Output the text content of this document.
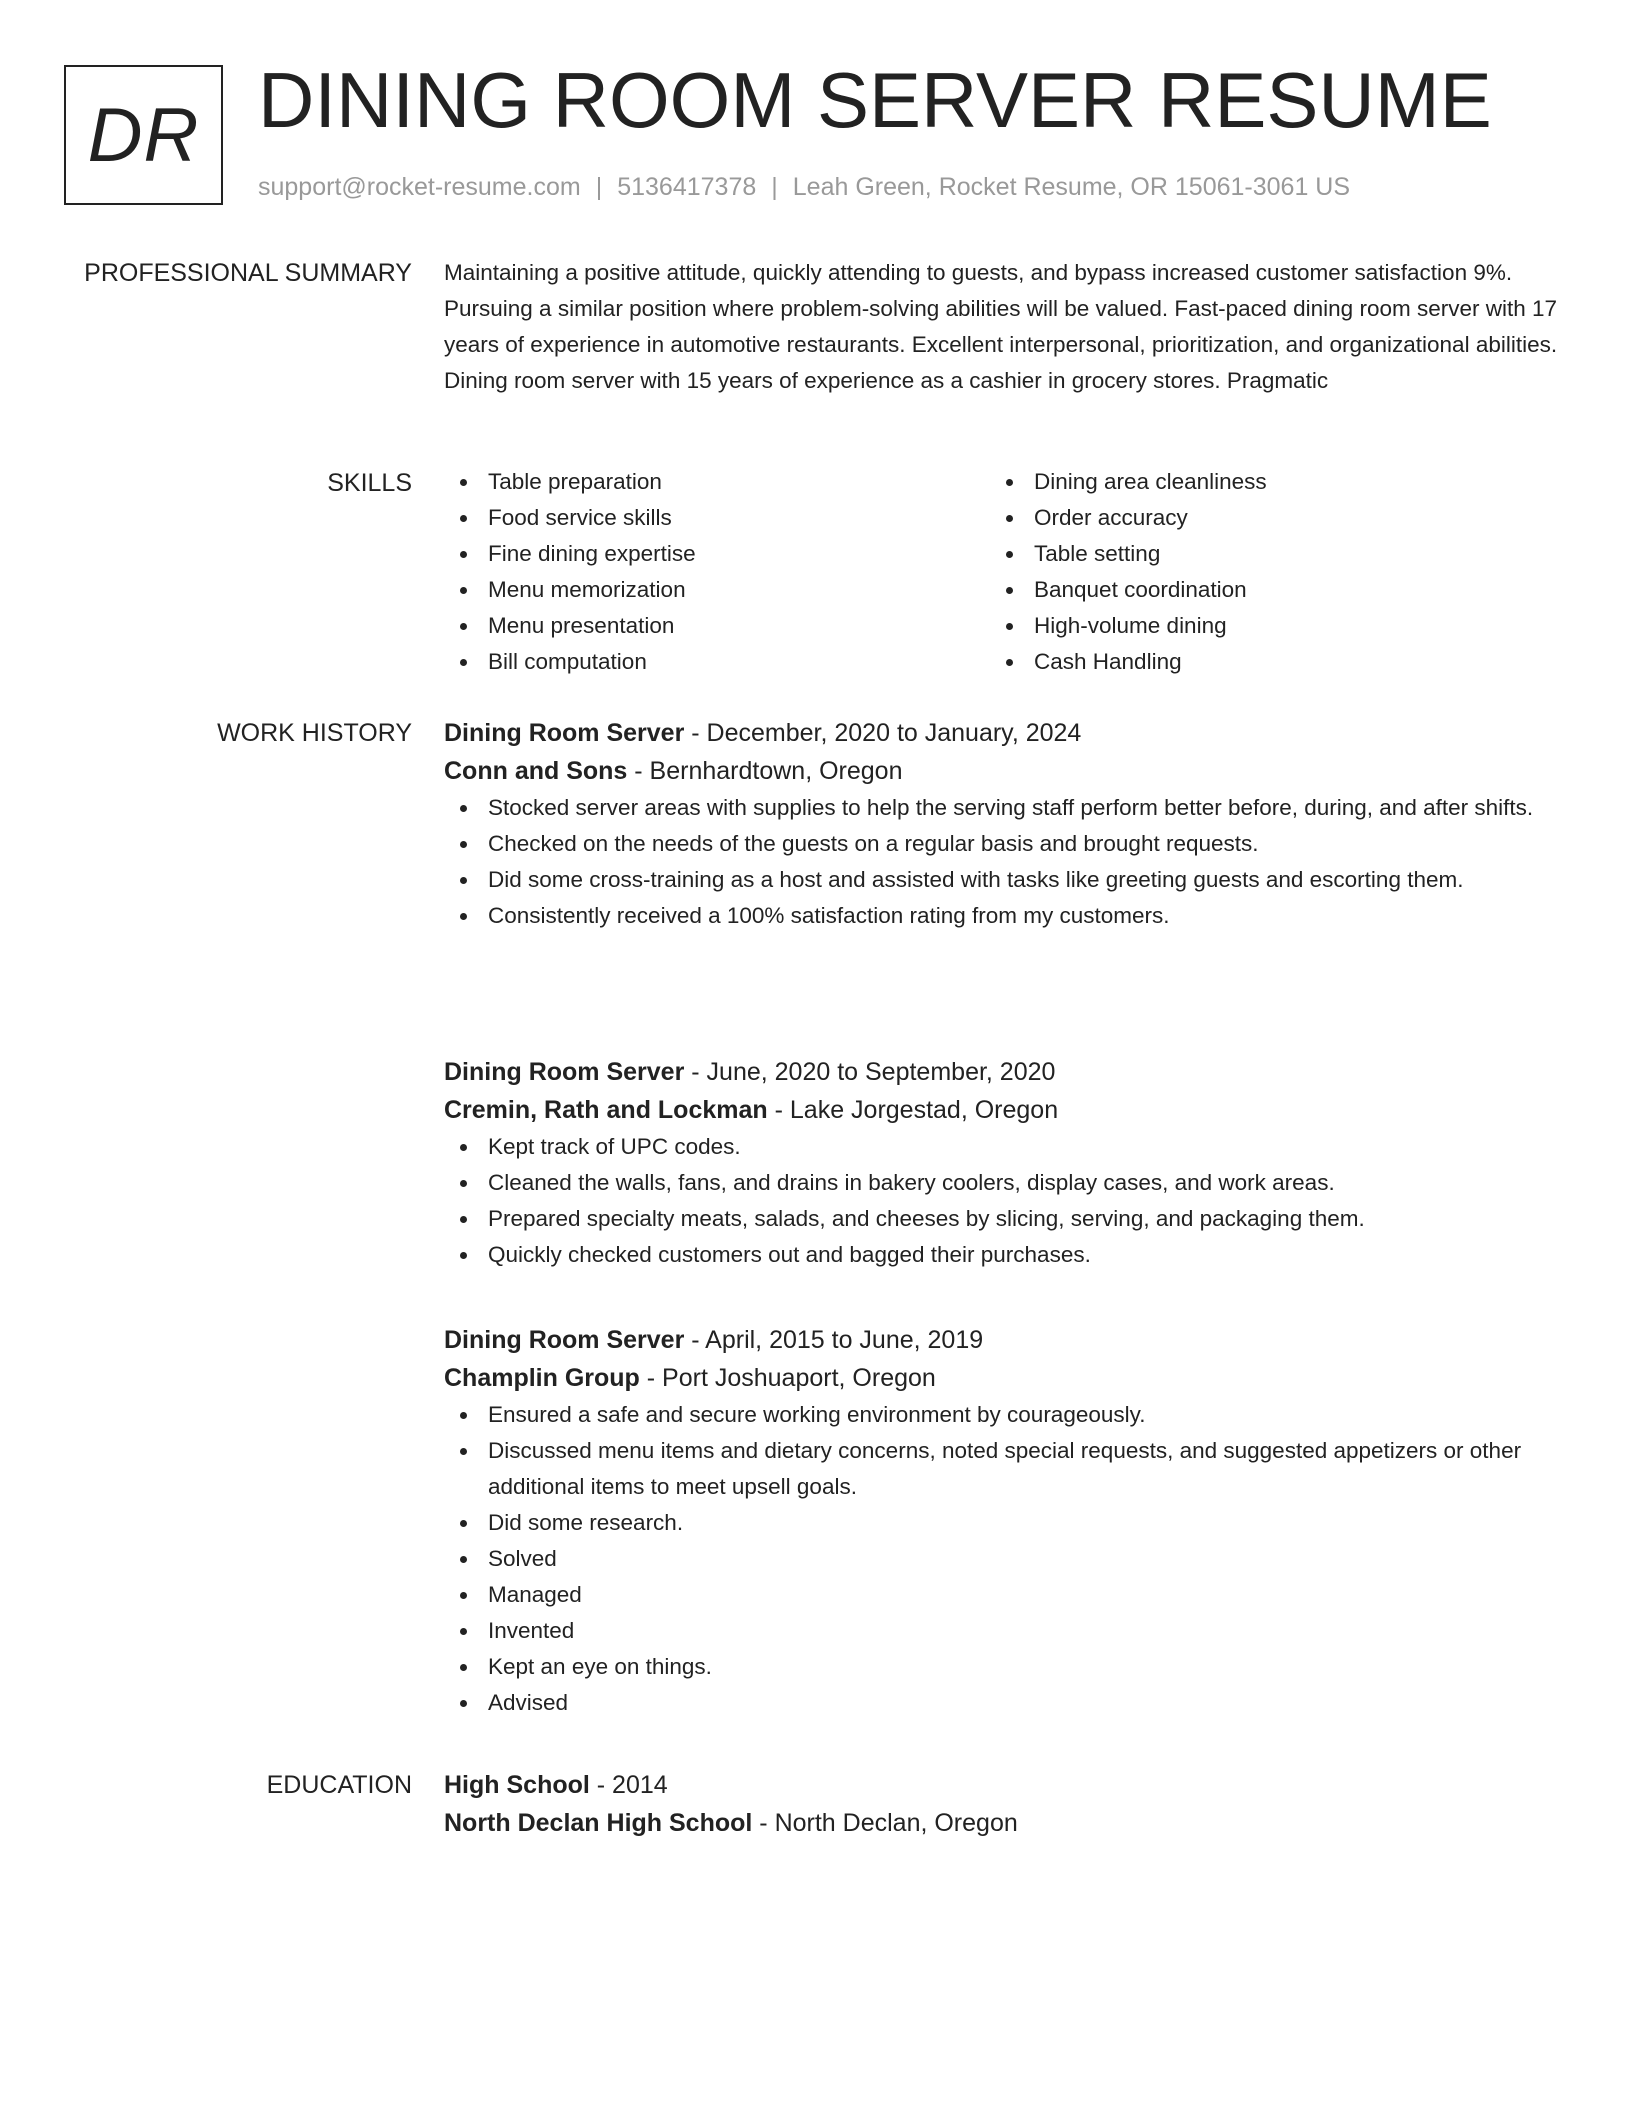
DR DINING ROOM SERVER RESUME
support@rocket-resume.com | 5136417378 | Leah Green, Rocket Resume, OR 15061-3061 US
PROFESSIONAL SUMMARY Maintaining a positive attitude, quickly attending to guests, and bypass increased customer satisfaction 9%. Pursuing a similar position where problem-solving abilities will be valued. Fast-paced dining room server with 17 years of experience in automotive restaurants. Excellent interpersonal, prioritization, and organizational abilities. Dining room server with 15 years of experience as a cashier in grocery stores. Pragmatic

SKILLS	Table preparation
Food service skills
Fine dining expertise
Menu memorization
Menu presentation
Bill computation
Dining area cleanliness
Order accuracy
Table setting
Banquet coordination
High-volume dining
Cash Handling
WORK HISTORY Dining Room Server - December, 2020 to January, 2024
Conn and Sons - Bernhardtown, Oregon
Stocked server areas with supplies to help the serving staff perform better before, during, and after shifts.
Checked on the needs of the guests on a regular basis and brought requests.
Did some cross-training as a host and assisted with tasks like greeting guests and escorting them.
Consistently received a 100% satisfaction rating from my customers.
Dining Room Server - June, 2020 to September, 2020
Cremin, Rath and Lockman - Lake Jorgestad, Oregon
Kept track of UPC codes.
Cleaned the walls, fans, and drains in bakery coolers, display cases, and work areas.
Prepared specialty meats, salads, and cheeses by slicing, serving, and packaging them.
Quickly checked customers out and bagged their purchases.
Dining Room Server - April, 2015 to June, 2019
Champlin Group - Port Joshuaport, Oregon
Ensured a safe and secure working environment by courageously.
Discussed menu items and dietary concerns, noted special requests, and suggested appetizers or other additional items to meet upsell goals.
Did some research.
Solved
Managed
Invented
Kept an eye on things.
Advised
EDUCATION High School - 2014
North Declan High School - North Declan, Oregon
